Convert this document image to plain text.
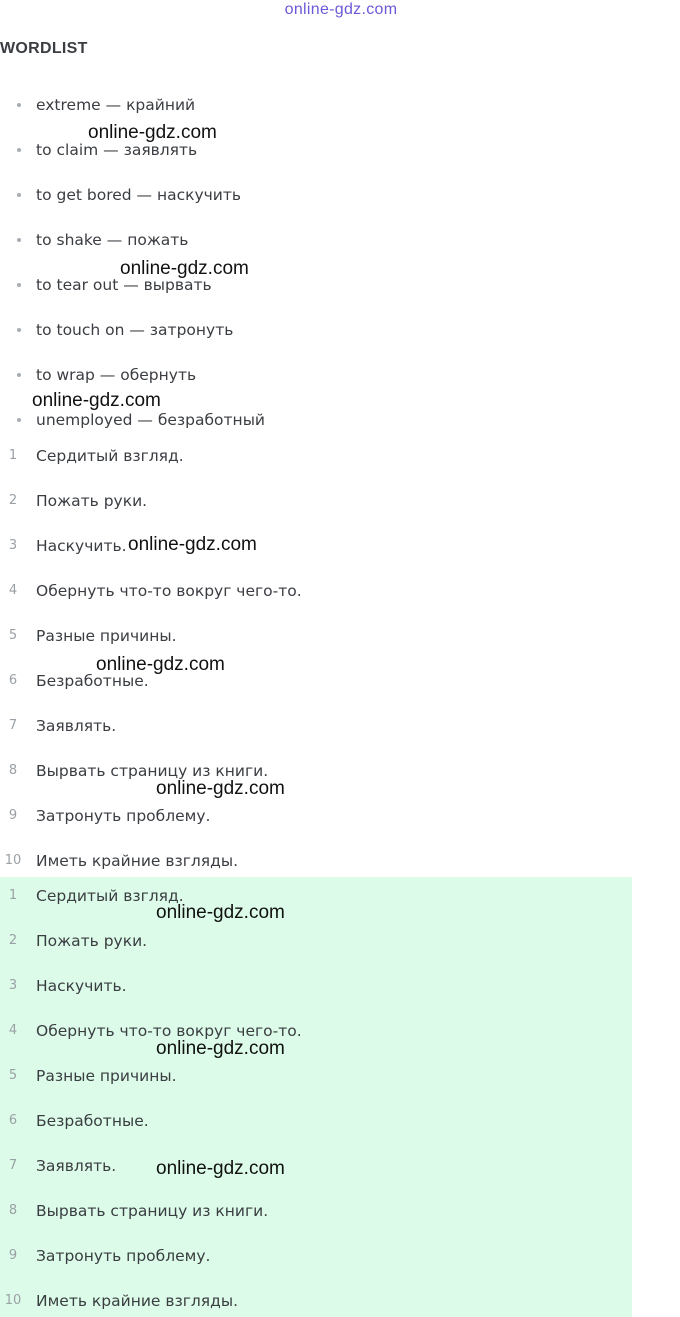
online-gdz.com
WORDLIST
extreme — крайний
to claim — заявлять
to get bored — наскучить
to shake — пожать
to tear out — вырвать
to touch on — затронуть
to wrap — обернуть
unemployed — безработный
1	Сердитый взгляд.
2	Пожать руки.
3	Наскучить.
4	Обернуть что-то вокруг чего-то.
5	Разные причины.
6	Безработные.
7	Заявлять.
8	Вырвать страницу из книги.
9	Затронуть проблему.
10 Иметь крайние взгляды.
1	Сердитый взгляд.
2	Пожать руки.
3	Наскучить.
4	Обернуть что-то вокруг чего-то.
5	Разные причины.
6	Безработные.
7	Заявлять.
8	Вырвать страницу из книги.
9	Затронуть проблему.
10 Иметь крайние взгляды.
online-gdz.com
online-gdz.com
online-gdz.com
online-gdz.com
online-gdz.com
online-gdz.com
online-gdz.com
online-gdz.com
online-gdz.com
